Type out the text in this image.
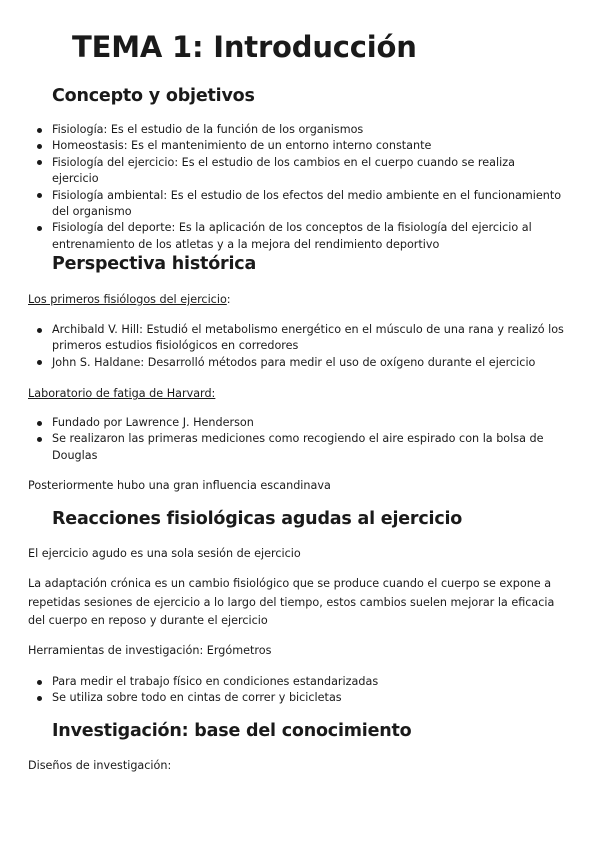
TEMA 1: Introducción
Concepto y objetivos
Fisiología: Es el estudio de la función de los organismos
Homeostasis: Es el mantenimiento de un entorno interno constante
Fisiología del ejercicio: Es el estudio de los cambios en el cuerpo cuando se realiza ejercicio
Fisiología ambiental: Es el estudio de los efectos del medio ambiente en el funcionamiento del organismo
Fisiología del deporte: Es la aplicación de los conceptos de la fisiología del ejercicio al entrenamiento de los atletas y a la mejora del rendimiento deportivo
Perspectiva histórica

Los primeros fisiólogos del ejercicio:

Archibald V. Hill: Estudió el metabolismo energético en el músculo de una rana y realizó los primeros estudios fisiológicos en corredores
John S. Haldane: Desarrolló métodos para medir el uso de oxígeno durante el ejercicio

Laboratorio de fatiga de Harvard:

Fundado por Lawrence J. Henderson
Se realizaron las primeras mediciones como recogiendo el aire espirado con la bolsa de Douglas

Posteriormente hubo una gran influencia escandinava

Reacciones fisiológicas agudas al ejercicio

El ejercicio agudo es una sola sesión de ejercicio

La adaptación crónica es un cambio fisiológico que se produce cuando el cuerpo se expone a repetidas sesiones de ejercicio a lo largo del tiempo, estos cambios suelen mejorar la eficacia del cuerpo en reposo y durante el ejercicio

Herramientas de investigación: Ergómetros

Para medir el trabajo físico en condiciones estandarizadas
Se utiliza sobre todo en cintas de correr y bicicletas
Investigación: base del conocimiento

Diseños de investigación:
